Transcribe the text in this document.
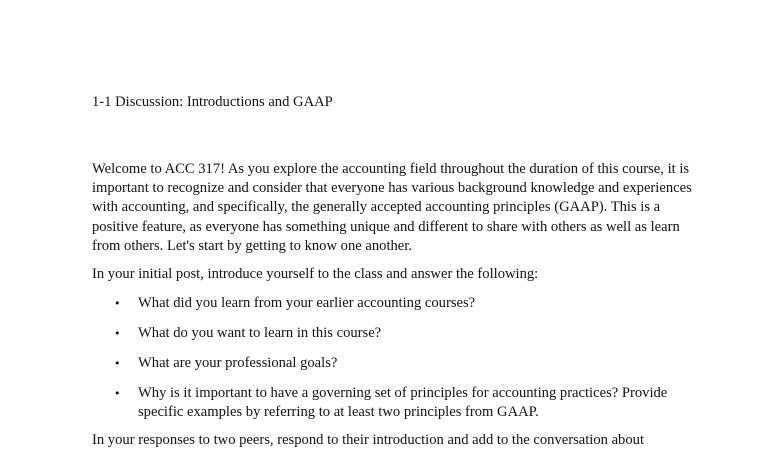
1-1 Discussion: Introductions and GAAP

Welcome to ACC 317! As you explore the accounting field throughout the duration of this course, it is important to recognize and consider that everyone has various background knowledge and experiences with accounting, and specifically, the generally accepted accounting principles (GAAP). This is a positive feature, as everyone has something unique and different to share with others as well as learn from others. Let's start by getting to know one another.

In your initial post, introduce yourself to the class and answer the following:

• What did you learn from your earlier accounting courses?
• What do you want to learn in this course?
• What are your professional goals?
• Why is it important to have a governing set of principles for accounting practices? Provide specific examples by referring to at least two principles from GAAP.

In your responses to two peers, respond to their introduction and add to the conversation about
